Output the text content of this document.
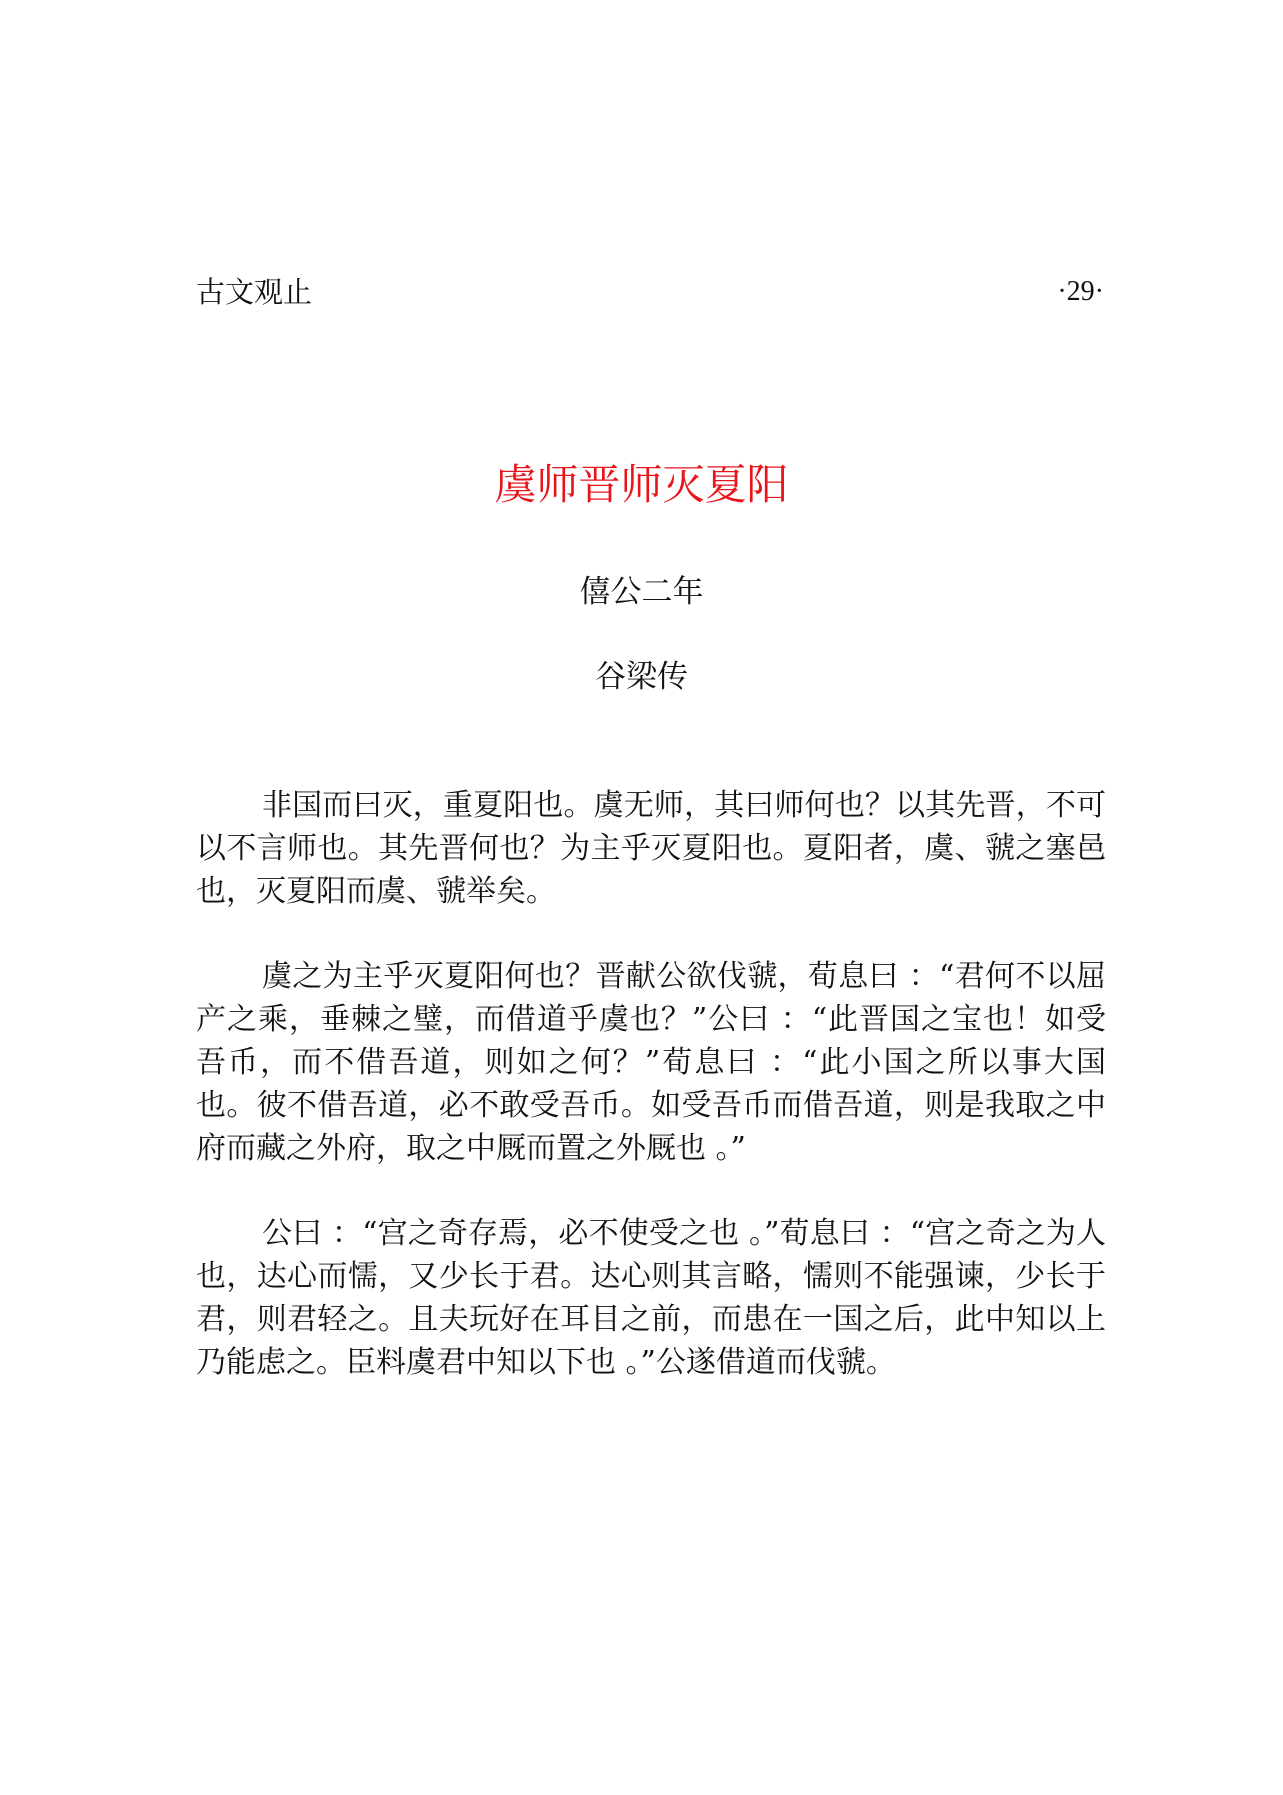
古文观止	·29·
虞师晋师灭夏阳
僖公二年
谷梁传

非国而曰灭，重夏阳也。虞无师，其曰师何也？以其先晋，不可以不言师也。其先晋何也？为主乎灭夏阳也。夏阳者，虞、虢之塞邑也，灭夏阳而虞、虢举矣。

虞之为主乎灭夏阳何也？晋献公欲伐虢，荀息曰 ：“君何不以屈产之乘，垂棘之璧，而借道乎虞也？”公曰 ：“此晋国之宝也！如受吾币，而不借吾道，则如之何？”荀息曰 ：“此小国之所以事大国也。彼不借吾道，必不敢受吾币。如受吾币而借吾道，则是我取之中府而藏之外府，取之中厩而置之外厩也 。”

公曰 ：“宫之奇存焉，必不使受之也 。”荀息曰 ：“宫之奇之为人也，达心而懦，又少长于君。达心则其言略，懦则不能强谏，少长于君，则君轻之。且夫玩好在耳目之前，而患在一国之后，此中知以上乃能虑之。臣料虞君中知以下也 。”公遂借道而伐虢。
